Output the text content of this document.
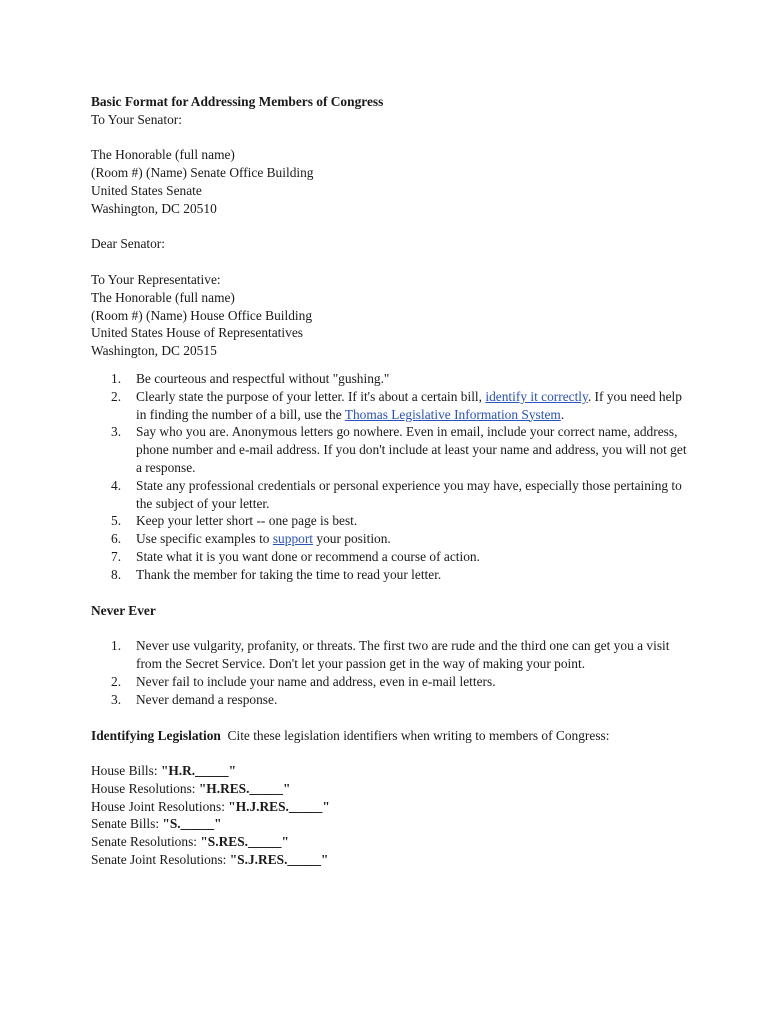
Basic Format for Addressing Members of Congress

To Your Senator:

The Honorable (full name)

(Room #) (Name) Senate Office Building

United States Senate

Washington, DC 20510

Dear Senator:

To Your Representative:

The Honorable (full name)

(Room #) (Name) House Office Building

United States House of Representatives

Washington, DC 20515

1. Be courteous and respectful without "gushing."
2. Clearly state the purpose of your letter. If it's about a certain bill, identify it correctly. If you need help in finding the number of a bill, use the Thomas Legislative Information System.
3. Say who you are. Anonymous letters go nowhere. Even in email, include your correct name, address, phone number and e-mail address. If you don't include at least your name and address, you will not get a response.
4. State any professional credentials or personal experience you may have, especially those pertaining to the subject of your letter.
5. Keep your letter short -- one page is best.
6. Use specific examples to support your position.
7. State what it is you want done or recommend a course of action.
8. Thank the member for taking the time to read your letter.

Never Ever

1. Never use vulgarity, profanity, or threats. The first two are rude and the third one can get you a visit from the Secret Service. Don't let your passion get in the way of making your point.
2. Never fail to include your name and address, even in e-mail letters.
3. Never demand a response.

Identifying Legislation  Cite these legislation identifiers when writing to members of Congress:

House Bills: "H.R._____"

House Resolutions: "H.RES._____"

House Joint Resolutions: "H.J.RES._____"

Senate Bills: "S._____"

Senate Resolutions: "S.RES._____"

Senate Joint Resolutions: "S.J.RES._____"
